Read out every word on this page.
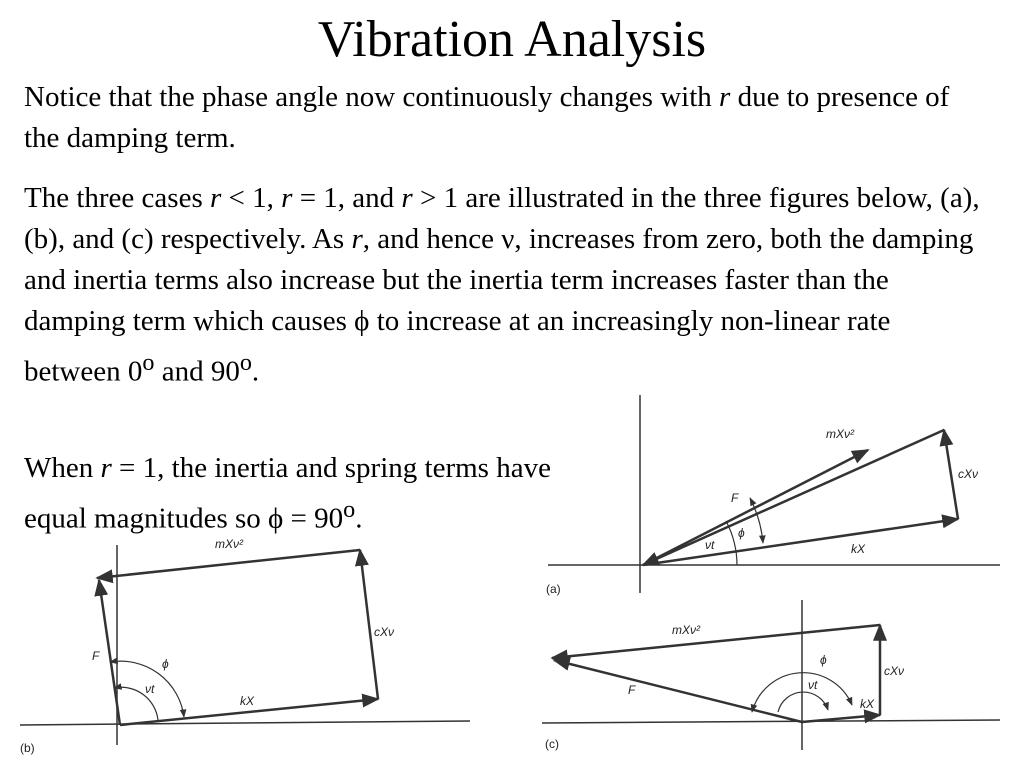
Vibration Analysis
Notice that the phase angle now continuously changes with r due to presence of the damping term.
The three cases r < 1, r = 1, and r > 1 are illustrated in the three figures below, (a), (b), and (c) respectively. As r, and hence ν, increases from zero, both the damping and inertia terms also increase but the inertia term increases faster than the damping term which causes ϕ to increase at an increasingly non-linear rate between 0$^o$ and 90$^o$.
When r = 1, the inertia and spring terms have equal magnitudes so $\phi = 90^o$.
mXν²
cXν
kX
F
ϕ
νt
(a)
mXν²
cXν
kX
F
ϕ
νt
(b)
mXν²
cXν
kX
F
ϕ
νt
(c)
